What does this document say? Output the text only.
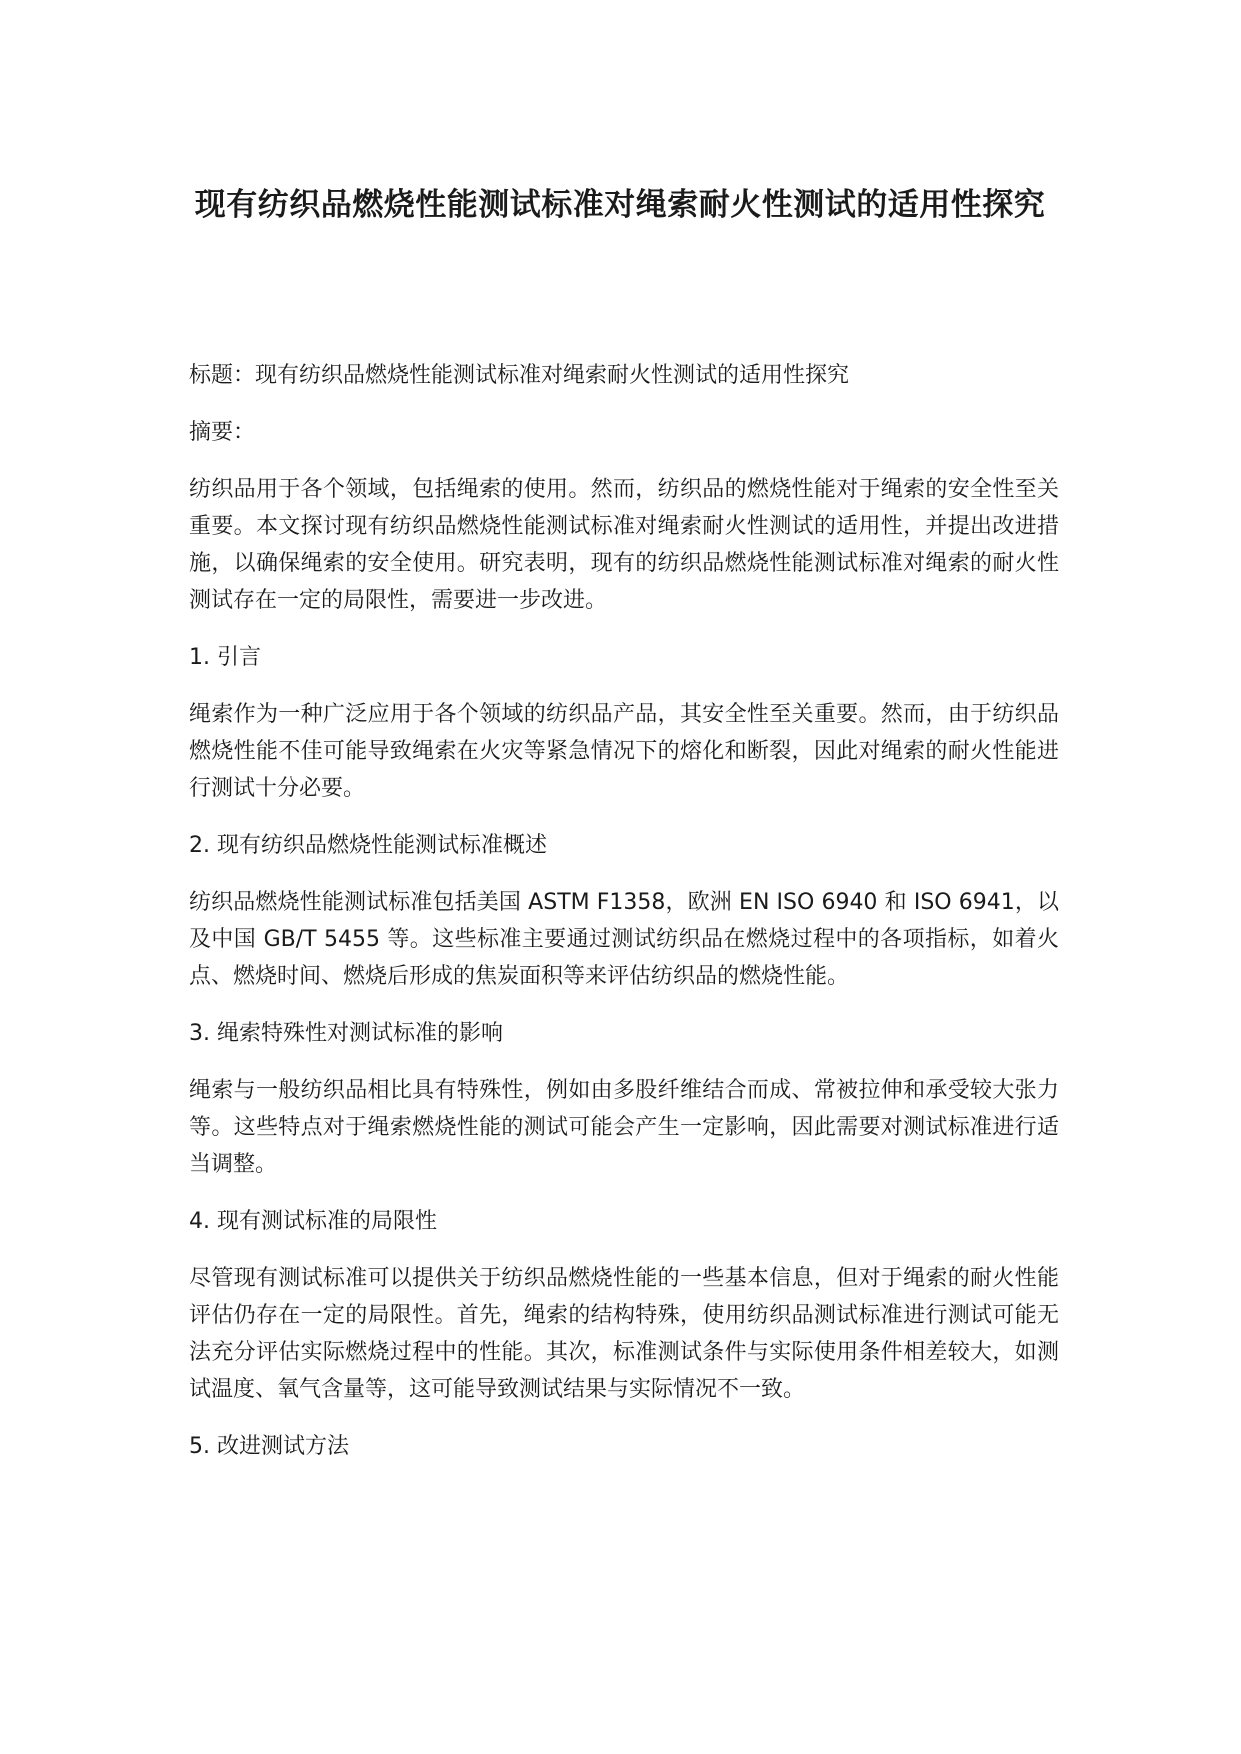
现有纺织品燃烧性能测试标准对绳索耐火性测试的适用性探究

标题：现有纺织品燃烧性能测试标准对绳索耐火性测试的适用性探究

摘要：

纺织品用于各个领域，包括绳索的使用。然而，纺织品的燃烧性能对于绳索的安全性至关重要。本文探讨现有纺织品燃烧性能测试标准对绳索耐火性测试的适用性，并提出改进措施，以确保绳索的安全使用。研究表明，现有的纺织品燃烧性能测试标准对绳索的耐火性测试存在一定的局限性，需要进一步改进。

1. 引言

绳索作为一种广泛应用于各个领域的纺织品产品，其安全性至关重要。然而，由于纺织品燃烧性能不佳可能导致绳索在火灾等紧急情况下的熔化和断裂，因此对绳索的耐火性能进行测试十分必要。

2. 现有纺织品燃烧性能测试标准概述

纺织品燃烧性能测试标准包括美国 ASTM F1358，欧洲 EN ISO 6940 和 ISO 6941，以及中国 GB/T 5455 等。这些标准主要通过测试纺织品在燃烧过程中的各项指标，如着火点、燃烧时间、燃烧后形成的焦炭面积等来评估纺织品的燃烧性能。

3. 绳索特殊性对测试标准的影响

绳索与一般纺织品相比具有特殊性，例如由多股纤维结合而成、常被拉伸和承受较大张力等。这些特点对于绳索燃烧性能的测试可能会产生一定影响，因此需要对测试标准进行适当调整。

4. 现有测试标准的局限性

尽管现有测试标准可以提供关于纺织品燃烧性能的一些基本信息，但对于绳索的耐火性能评估仍存在一定的局限性。首先，绳索的结构特殊，使用纺织品测试标准进行测试可能无法充分评估实际燃烧过程中的性能。其次，标准测试条件与实际使用条件相差较大，如测试温度、氧气含量等，这可能导致测试结果与实际情况不一致。

5. 改进测试方法
